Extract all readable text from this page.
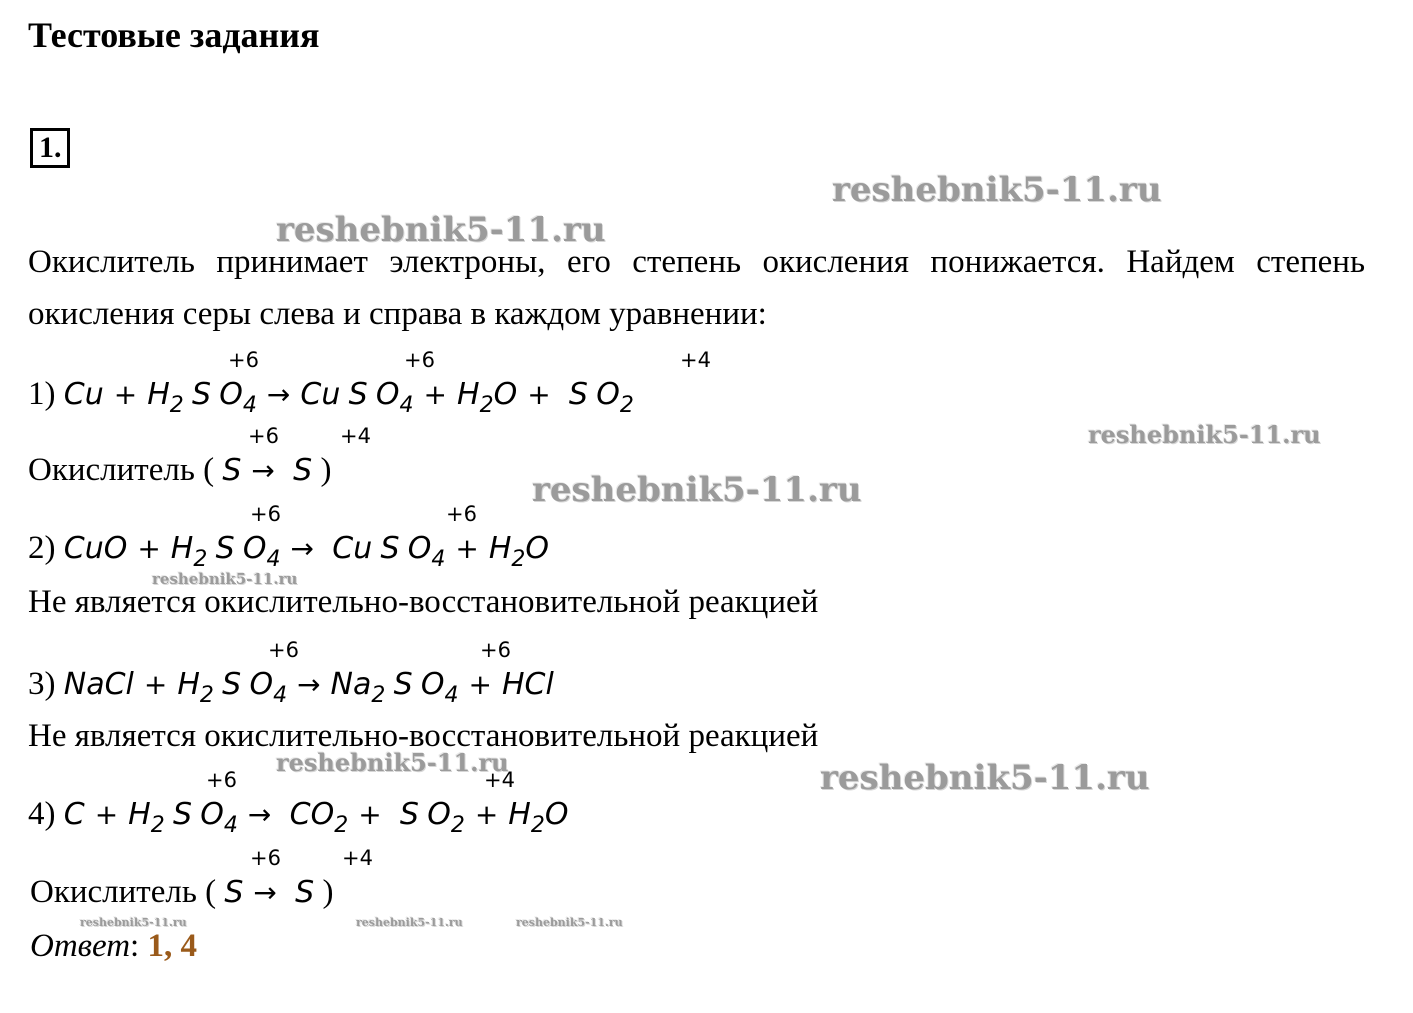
Тестовые задания
1.
reshebnik5-11.ru
reshebnik5-11.ru
reshebnik5-11.ru
reshebnik5-11.ru
reshebnik5-11.ru
reshebnik5-11.ru	reshebnik5-11.ru
reshebnik5-11.ru	reshebnik5-11.ru	reshebnik5-11.ru
Окислитель принимает электроны, его степень окисления понижается. Найдем степень окисления серы слева и справа в каждом уравнении:
+6	+6	+4
1) $Cu + H_2$ S $O_4 \to Cu$ S $O_4 + H_2O + S$ $O_2$
+6	+4
Окислитель ( S → S )
+6	+6
2) CuO + $H_2$ S $O_4 \to Cu$ S $O_4 + H_2O$
Не является окислительно-восстановительной реакцией
+6	+6
3) NaCl + $H_2$ S $O_4 \to Na_2$ S $O_4$ + HCl
Не является окислительно-восстановительной реакцией
+6	+4
4) $C + H_2$ S $O_4 \to CO_2 + S$ $O_2 + H_2O$
+6	+4
Окислитель ( S → S )
Ответ: 1, 4
